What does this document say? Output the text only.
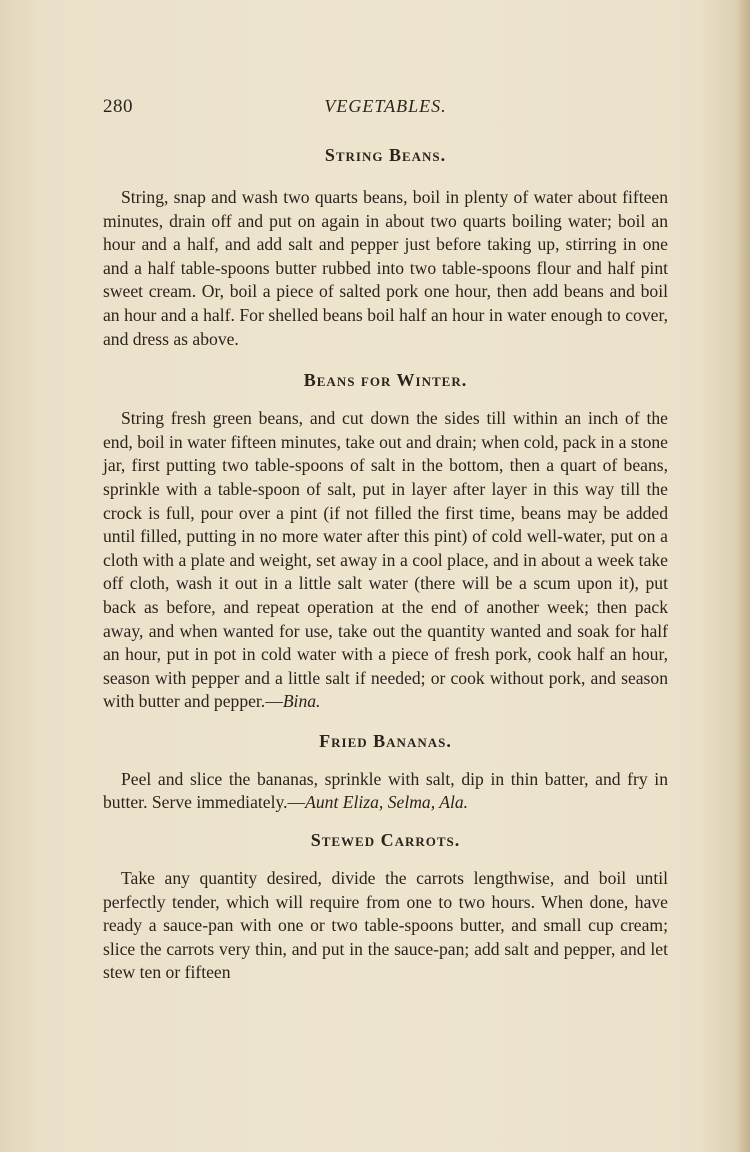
280	VEGETABLES.
String Beans.

String, snap and wash two quarts beans, boil in plenty of water about fifteen minutes, drain off and put on again in about two quarts boiling water; boil an hour and a half, and add salt and pepper just before taking up, stirring in one and a half table-spoons butter rubbed into two table-spoons flour and half pint sweet cream. Or, boil a piece of salted pork one hour, then add beans and boil an hour and a half. For shelled beans boil half an hour in water enough to cover, and dress as above.

Beans for Winter.

String fresh green beans, and cut down the sides till within an inch of the end, boil in water fifteen minutes, take out and drain; when cold, pack in a stone jar, first putting two table-spoons of salt in the bottom, then a quart of beans, sprinkle with a table-spoon of salt, put in layer after layer in this way till the crock is full, pour over a pint (if not filled the first time, beans may be added until filled, putting in no more water after this pint) of cold well-water, put on a cloth with a plate and weight, set away in a cool place, and in about a week take off cloth, wash it out in a little salt water (there will be a scum upon it), put back as before, and repeat operation at the end of another week; then pack away, and when wanted for use, take out the quantity wanted and soak for half an hour, put in pot in cold water with a piece of fresh pork, cook half an hour, season with pepper and a little salt if needed; or cook without pork, and season with butter and pepper.—Bina.

Fried Bananas.

Peel and slice the bananas, sprinkle with salt, dip in thin batter, and fry in butter. Serve immediately.—Aunt Eliza, Selma, Ala.

Stewed Carrots.

Take any quantity desired, divide the carrots lengthwise, and boil until perfectly tender, which will require from one to two hours. When done, have ready a sauce-pan with one or two table-spoons butter, and small cup cream; slice the carrots very thin, and put in the sauce-pan; add salt and pepper, and let stew ten or fifteen
